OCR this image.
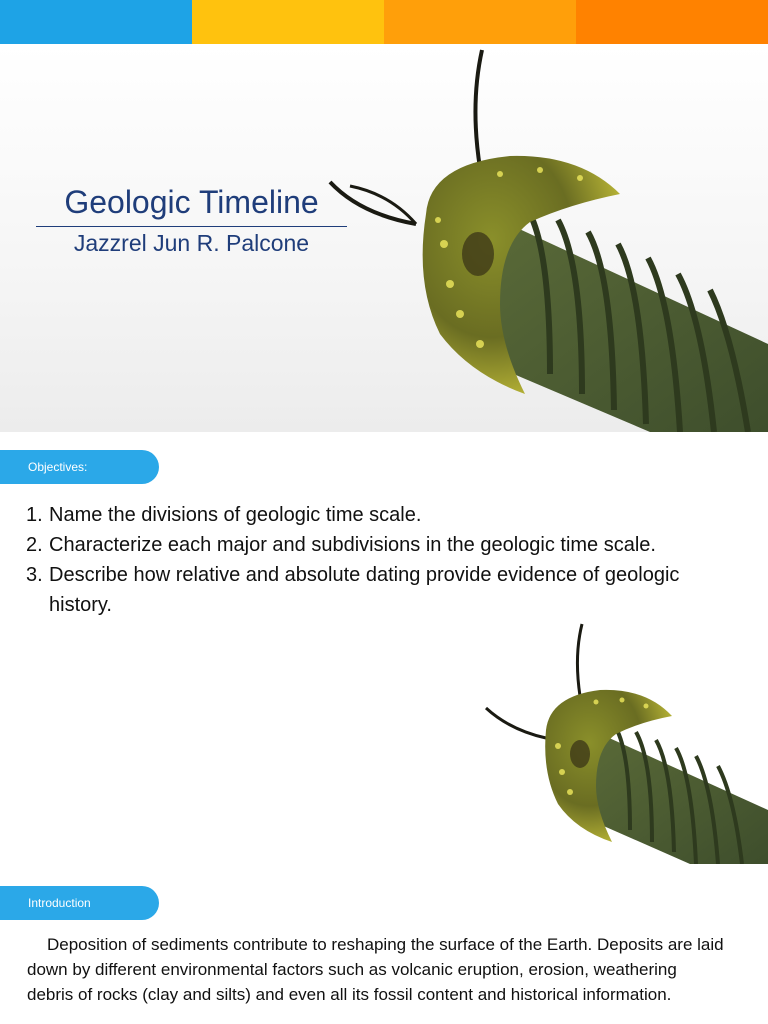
Geologic Timeline
Jazzrel Jun R. Palcone
Objectives:
1. Name the divisions of geologic time scale.
2. Characterize each major and subdivisions in the geologic time scale.
3. Describe how relative and absolute dating provide evidence of geologic history.
Introduction

Deposition of sediments contribute to reshaping the surface of the Earth. Deposits are laid down by different environmental factors such as volcanic eruption, erosion, weathering debris of rocks (clay and silts) and even all its fossil content and historical information.
